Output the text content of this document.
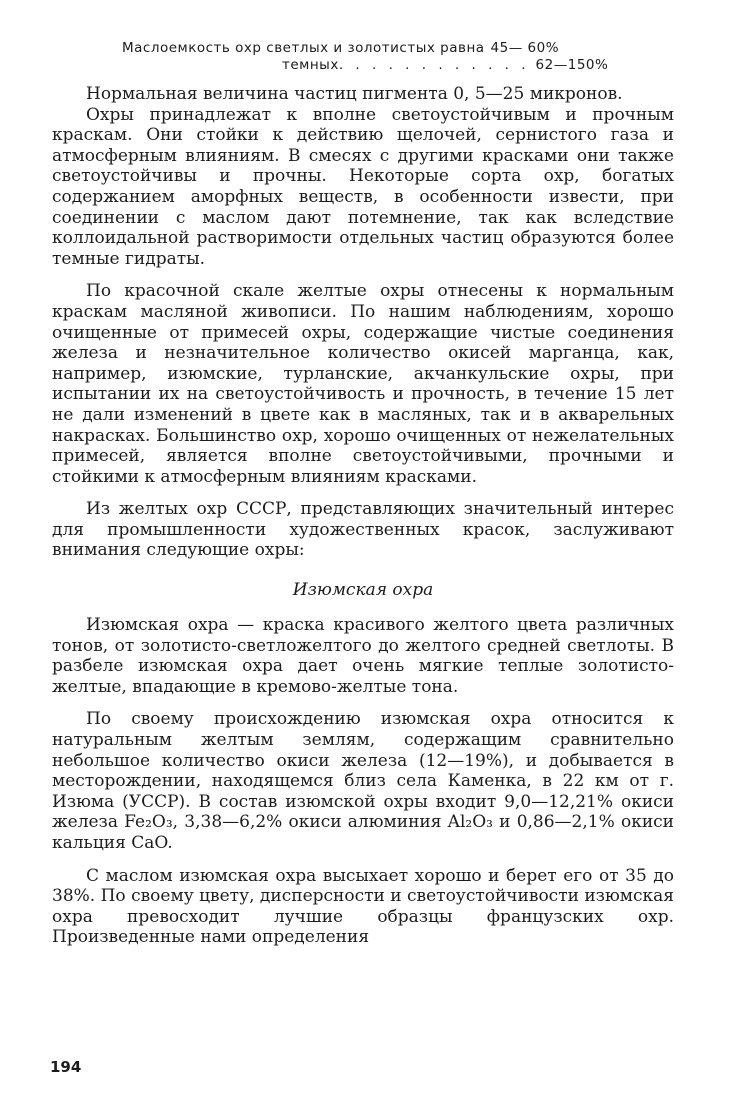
Маслоемкость охр светлых и золотистых равна 45— 60%
темных . . . . . . . . . . . . 62—150%

Нормальная величина частиц пигмента 0, 5—25 микронов.

Охры принадлежат к вполне светоустойчивым и прочным краскам. Они стойки к действию щелочей, сернистого газа и атмосферным влияниям. В смесях с другими красками они также светоустойчивы и прочны. Некоторые сорта охр, богатых содержанием аморфных веществ, в особенности извести, при соединении с маслом дают потемнение, так как вследствие коллоидальной растворимости отдельных частиц образуются более темные гидраты.

По красочной скале желтые охры отнесены к нормальным краскам масляной живописи. По нашим наблюдениям, хорошо очищенные от примесей охры, содержащие чистые соединения железа и незначительное количество окисей марганца, как, например, изюмские, турланские, акчанкульские охры, при испытании их на светоустойчивость и прочность, в течение 15 лет не дали изменений в цвете как в масляных, так и в акварельных накрасках. Большинство охр, хорошо очищенных от нежелательных примесей, является вполне светоустойчивыми, прочными и стойкими к атмосферным влияниям красками.

Из желтых охр СССР, представляющих значительный интерес для промышленности художественных красок, заслуживают внимания следующие охры:

Изюмская охра

Изюмская охра — краска красивого желтого цвета различных тонов, от золотисто-светложелтого до желтого средней светлоты. В разбеле изюмская охра дает очень мягкие теплые золотисто-желтые, впадающие в кремово-желтые тона.

По своему происхождению изюмская охра относится к натуральным желтым землям, содержащим сравнительно небольшое количество окиси железа (12—19%), и добывается в месторождении, находящемся близ села Каменка, в 22 км от г. Изюма (УССР). В состав изюмской охры входит 9,0—12,21% окиси железа Fe₂O₃, 3,38—6,2% окиси алюминия Al₂O₃ и 0,86—2,1% окиси кальция CaO.

С маслом изюмская охра высыхает хорошо и берет его от 35 до 38%. По своему цвету, дисперсности и светоустойчивости изюмская охра превосходит лучшие образцы французских охр. Произведенные нами определения

194
